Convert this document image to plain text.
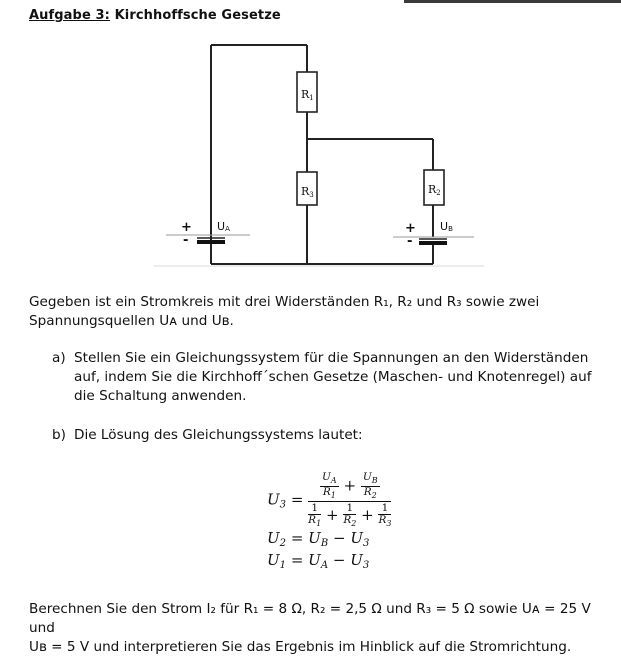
Aufgabe 3: Kirchhoffsche Gesetze
R1
R3	R2
UA	UB
+
-
+
-
Gegeben ist ein Stromkreis mit drei Widerständen R₁, R₂ und R₃ sowie zwei
Spannungsquellen Uᴀ und Uʙ.
a) Stellen Sie ein Gleichungssystem für die Spannungen an den Widerständen auf, indem Sie die Kirchhoff´schen Gesetze (Maschen- und Knotenregel) auf die Schaltung anwenden.
b) Die Lösung des Gleichungssystems lautet:
$U_3 = \frac{\frac{U_A}{R_1} + \frac{U_B}{R_2}}{\frac{1}{R_1} + \frac{1}{R_2} + \frac{1}{R_3}}$
$U_2 = U_B - U_3$
$U_1 = U_A - U_3$
Berechnen Sie den Strom I₂ für R₁ = 8 Ω, R₂ = 2,5 Ω und R₃ = 5 Ω sowie Uᴀ = 25 V und
Uʙ = 5 V und interpretieren Sie das Ergebnis im Hinblick auf die Stromrichtung.
